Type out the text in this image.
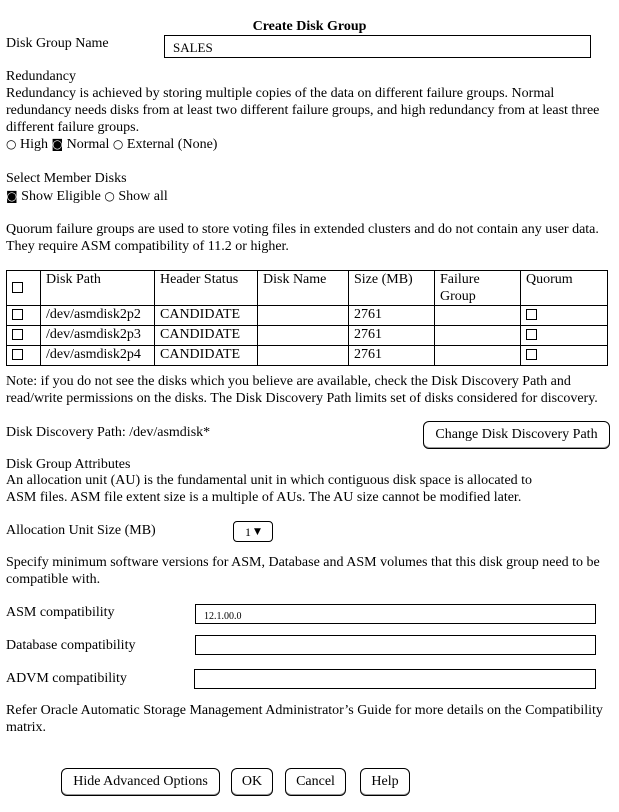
Create Disk Group
Disk Group Name	SALES
Redundancy
Redundancy is achieved by storing multiple copies of the data on different failure groups. Normal redundancy needs disks from at least two different failure groups, and high redundancy from at least three different failure groups.
○ High ◙ Normal ○ External (None)
Select Member Disks
◙ Show Eligible ○ Show all
Quorum failure groups are used to store voting files in extended clusters and do not contain any user data. They require ASM compatibility of 11.2 or higher.
	Disk Path	Header Status	Disk Name	Size (MB)	Failure Group	Quorum
	/dev/asmdisk2p2	CANDIDATE		2761		
	/dev/asmdisk2p3	CANDIDATE		2761		
	/dev/asmdisk2p4	CANDIDATE		2761		
Note: if you do not see the disks which you believe are available, check the Disk Discovery Path and read/write permissions on the disks. The Disk Discovery Path limits set of disks considered for discovery.
Disk Discovery Path: /dev/asmdisk*	Change Disk Discovery Path
Disk Group Attributes
An allocation unit (AU) is the fundamental unit in which contiguous disk space is allocated to ASM files. ASM file extent size is a multiple of AUs. The AU size cannot be modified later.
Allocation Unit Size (MB)	1 ▼
Specify minimum software versions for ASM, Database and ASM volumes that this disk group need to be compatible with.
ASM compatibility	12.1.00.0
Database compatibility
ADVM compatibility
Refer Oracle Automatic Storage Management Administrator’s Guide for more details on the Compatibility matrix.
Hide Advanced Options	OK	Cancel	Help
